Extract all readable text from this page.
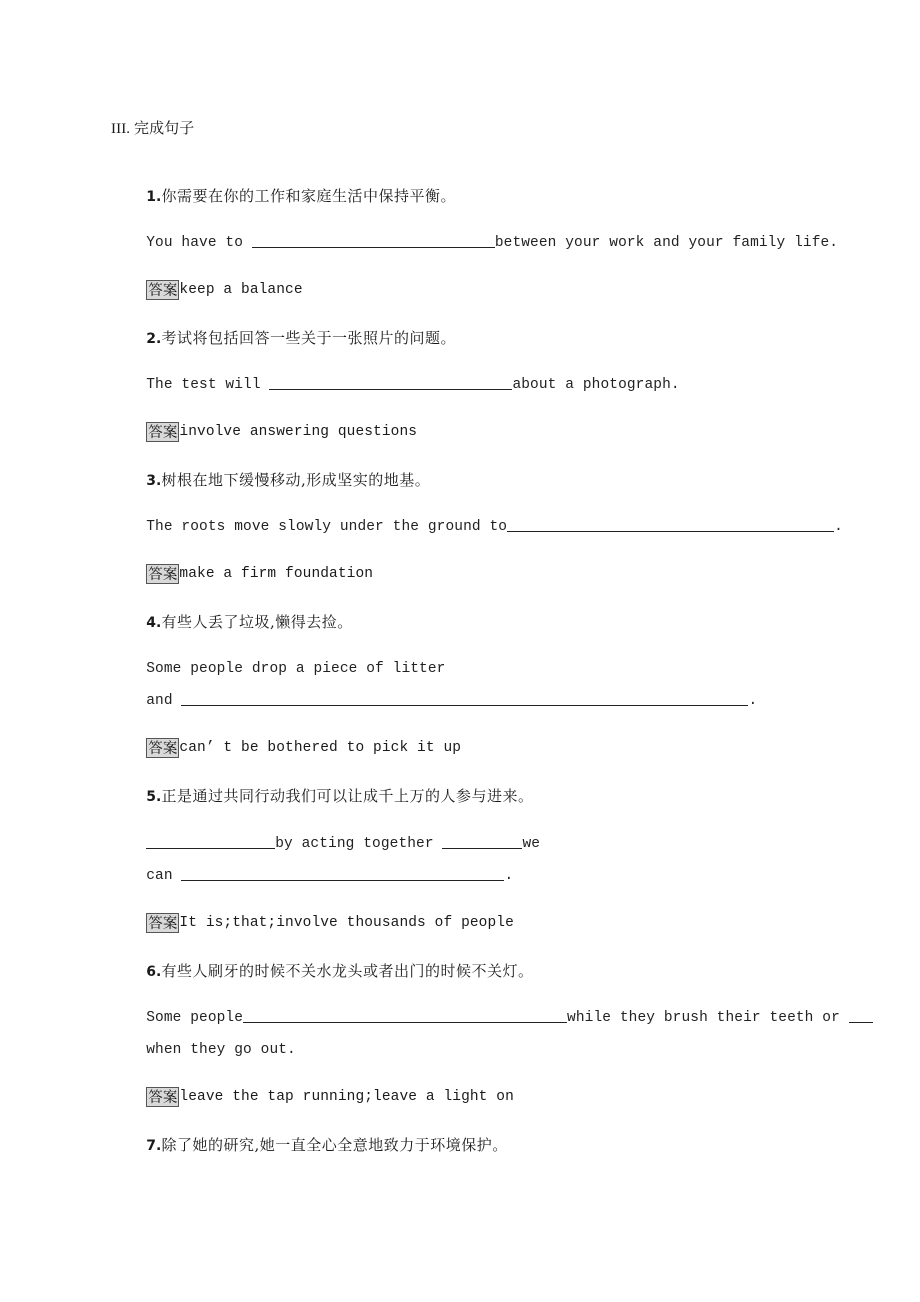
III. 完成句子

1.你需要在你的工作和家庭生活中保持平衡。

You have to	between your work and your family life.

答案 keep a balance

2.考试将包括回答一些关于一张照片的问题。

The test will	about a photograph.

答案 involve answering questions

3.树根在地下缓慢移动,形成坚实的地基。

The roots move slowly under the ground to	.

答案 make a firm foundation

4.有些人丢了垃圾,懒得去捡。

Some people drop a piece of litter

and	.

答案 can’ t be bothered to pick it up

5.正是通过共同行动我们可以让成千上万的人参与进来。

by acting together	we

can	.

答案 It is;that;involve thousands of people

6.有些人刷牙的时候不关水龙头或者出门的时候不关灯。

Some people	while they brush their teeth or

when they go out.

答案 leave the tap running;leave a light on

7.除了她的研究,她一直全心全意地致力于环境保护。
